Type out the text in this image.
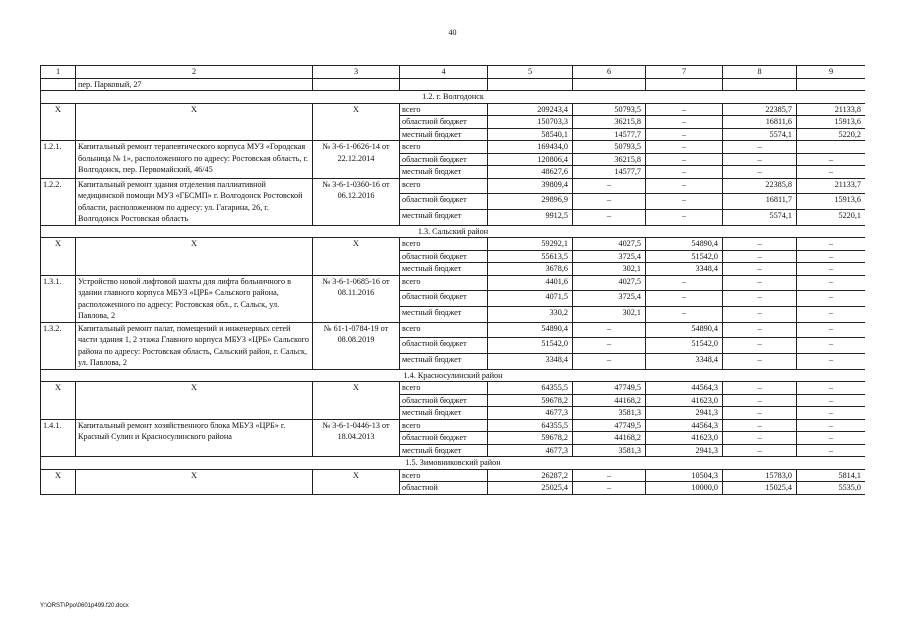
40
1	2	3	4	5	6	7	8	9
	пер. Парковый, 27							
1.2. г. Волгодонск								
Х	Х	Х	всего	209243,4	50793,5	–	22385,7	21133,8
			областной бюджет	150703,3	36215,8	–	16811,6	15913,6
			местный бюджет	58540,1	14577,7	–	5574,1	5220,2
1.2.1.	Капитальный ремонт терапевтического корпуса МУЗ «Городская больница № 1», расположенного по адресу: Ростовская область, г. Волгодонск, пер. Первомайский, 46/45	№ 3-6-1-0626-14 от 22.12.2014	всего	169434,0	50793,5	–	–	
			областной бюджет	120806,4	36215,8	–	–	–
			местный бюджет	48627,6	14577,7	–	–	–
1.2.2.	Капитальный ремонт здания отделения паллиативной медицинской помощи МУЗ «ГБСМП» г. Волгодонск Ростовской области, расположенном по адресу: ул. Гагарина, 26, г. Волгодонск Ростовская область	№ 3-6-1-0360-16 от 06.12.2016	всего	39809,4	–	–	22385,8	21133,7
			областной бюджет	29896,9	–	–	16811,7	15913,6
			местный бюджет	9912,5	–	–	5574,1	5220,1
1.3. Сальский район								
Х	Х	Х	всего	59292,1	4027,5	54890,4	–	–
			областной бюджет	55613,5	3725,4	51542,0	–	–
			местный бюджет	3678,6	302,1	3348,4	–	–
1.3.1.	Устройство новой лифтовой шахты для лифта больничного в здании главного корпуса МБУЗ «ЦРБ» Сальского района, расположенного по адресу: Ростовская обл., г. Сальск, ул. Павлова, 2	№ 3-6-1-0685-16 от 08.11.2016	всего	4401,6	4027,5	–	–	–
			областной бюджет	4071,5	3725,4	–	–	–
			местный бюджет	330,2	302,1	–	–	–
1.3.2.	Капитальный ремонт палат, помещений и инженерных сетей части здания 1, 2 этажа Главного корпуса МБУЗ «ЦРБ» Сальского района по адресу: Ростовская область, Сальский район, г. Сальск, ул. Павлова, 2	№ 61-1-0784-19 от 08.08.2019	всего	54890,4	–	54890,4	–	–
			областной бюджет	51542,0	–	51542,0	–	–
			местный бюджет	3348,4	–	3348,4	–	–
1.4. Красносулинский район								
Х	Х	Х	всего	64355,5	47749,5	44564,3	–	–
			областной бюджет	59678,2	44168,2	41623,0	–	–
			местный бюджет	4677,3	3581,3	2941,3	–	–
1.4.1.	Капитальный ремонт хозяйственного блока МБУЗ «ЦРБ» г. Красный Сулин и Красносулинского района	№ 3-6-1-0446-13 от 18.04.2013	всего	64355,5	47749,5	44564,3	–	–
			областной бюджет	59678,2	44168,2	41623,0	–	–
			местный бюджет	4677,3	3581,3	2941,3	–	–
1.5. Зимовниковский район								
Х	Х	Х	всего	26287,2	–	10504,3	15783,0	5814,1
			областной	25025,4	–	10000,0	15025,4	5535,0
Y:\ORST\Ppo\0601p499.f20.docx
